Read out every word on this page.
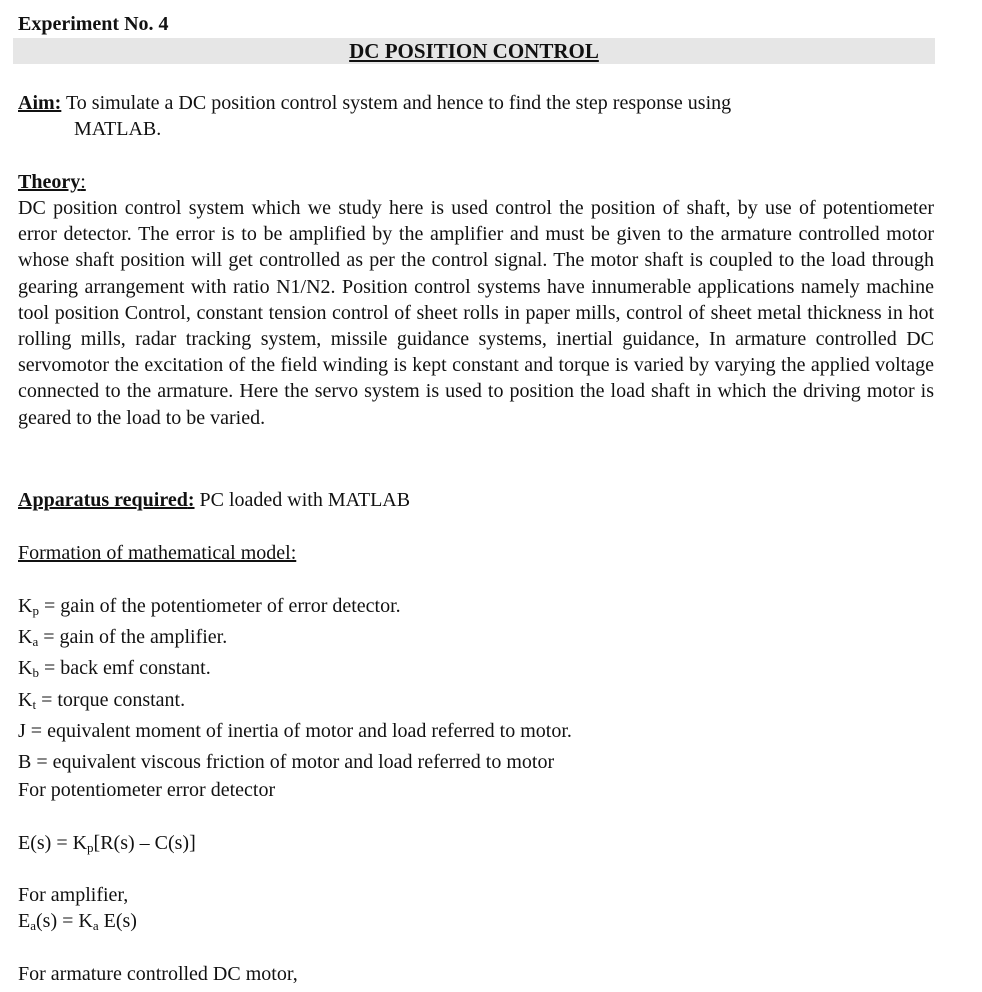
Experiment No. 4
DC POSITION CONTROL
Aim: To simulate a DC position control system and hence to find the step response using
MATLAB.
Theory:
DC position control system which we study here is used control the position of shaft, by use of potentiometer error detector. The error is to be amplified by the amplifier and must be given to the armature controlled motor whose shaft position will get controlled as per the control signal. The motor shaft is coupled to the load through gearing arrangement with ratio N1/N2. Position control systems have innumerable applications namely machine tool position Control, constant tension control of sheet rolls in paper mills, control of sheet metal thickness in hot rolling mills, radar tracking system, missile guidance systems, inertial guidance, In armature controlled DC servomotor the excitation of the field winding is kept constant and torque is varied by varying the applied voltage connected to the armature. Here the servo system is used to position the load shaft in which the driving motor is geared to the load to be varied.
Apparatus required: PC loaded with MATLAB
Formation of mathematical model:
$K_p$ = gain of the potentiometer of error detector.
$K_a$ = gain of the amplifier.
$K_b$ = back emf constant.
$K_t$ = torque constant.
J = equivalent moment of inertia of motor and load referred to motor.
B = equivalent viscous friction of motor and load referred to motor
For potentiometer error detector
$E(s) = K_p[R(s) - C(s)]$
For amplifier,
$E_a(s) = K_a$ E(s)
For armature controlled DC motor,
